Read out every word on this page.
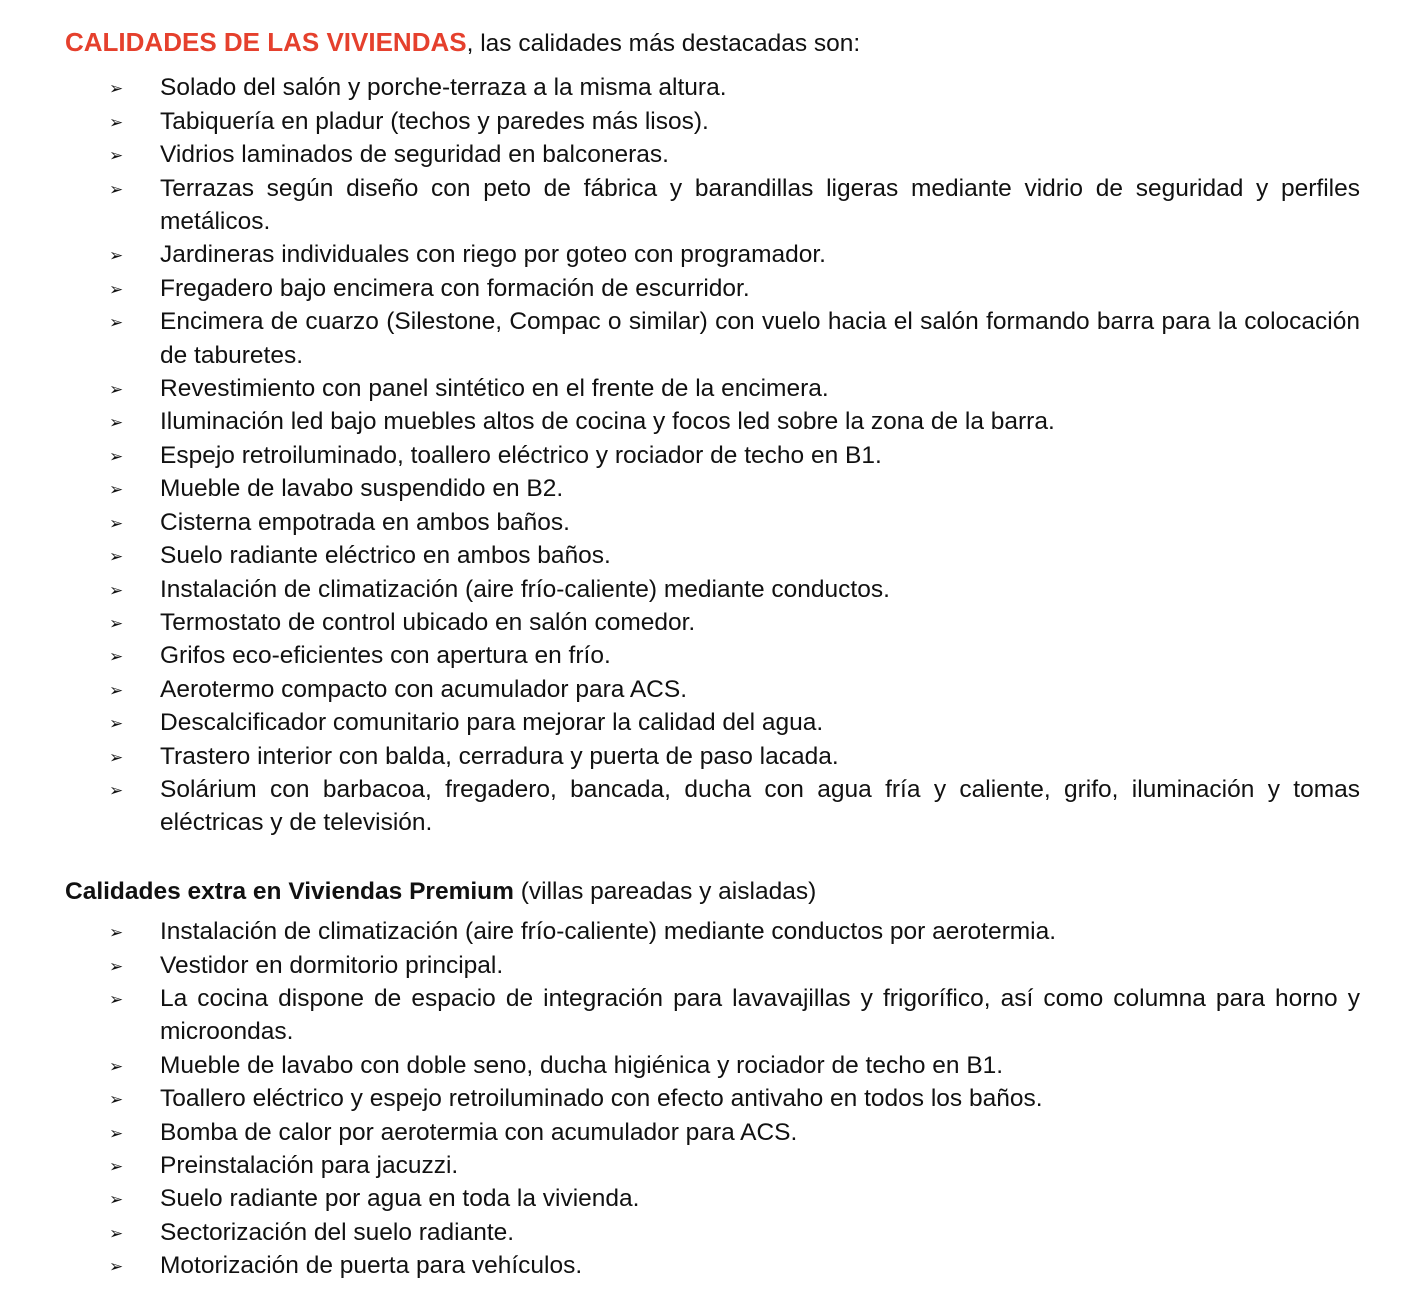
CALIDADES DE LAS VIVIENDAS, las calidades más destacadas son:

➢ Solado del salón y porche-terraza a la misma altura.
➢ Tabiquería en pladur (techos y paredes más lisos).
➢ Vidrios laminados de seguridad en balconeras.
➢ Terrazas según diseño con peto de fábrica y barandillas ligeras mediante vidrio de seguridad y perfiles metálicos.
➢ Jardineras individuales con riego por goteo con programador.
➢ Fregadero bajo encimera con formación de escurridor.
➢ Encimera de cuarzo (Silestone, Compac o similar) con vuelo hacia el salón formando barra para la colocación de taburetes.
➢ Revestimiento con panel sintético en el frente de la encimera.
➢ Iluminación led bajo muebles altos de cocina y focos led sobre la zona de la barra.
➢ Espejo retroiluminado, toallero eléctrico y rociador de techo en B1.
➢ Mueble de lavabo suspendido en B2.
➢ Cisterna empotrada en ambos baños.
➢ Suelo radiante eléctrico en ambos baños.
➢ Instalación de climatización (aire frío-caliente) mediante conductos.
➢ Termostato de control ubicado en salón comedor.
➢ Grifos eco-eficientes con apertura en frío.
➢ Aerotermo compacto con acumulador para ACS.
➢ Descalcificador comunitario para mejorar la calidad del agua.
➢ Trastero interior con balda, cerradura y puerta de paso lacada.
➢ Solárium con barbacoa, fregadero, bancada, ducha con agua fría y caliente, grifo, iluminación y tomas eléctricas y de televisión.

Calidades extra en Viviendas Premium (villas pareadas y aisladas)

➢ Instalación de climatización (aire frío-caliente) mediante conductos por aerotermia.
➢ Vestidor en dormitorio principal.
➢ La cocina dispone de espacio de integración para lavavajillas y frigorífico, así como columna para horno y microondas.
➢ Mueble de lavabo con doble seno, ducha higiénica y rociador de techo en B1.
➢ Toallero eléctrico y espejo retroiluminado con efecto antivaho en todos los baños.
➢ Bomba de calor por aerotermia con acumulador para ACS.
➢ Preinstalación para jacuzzi.
➢ Suelo radiante por agua en toda la vivienda.
➢ Sectorización del suelo radiante.
➢ Motorización de puerta para vehículos.
